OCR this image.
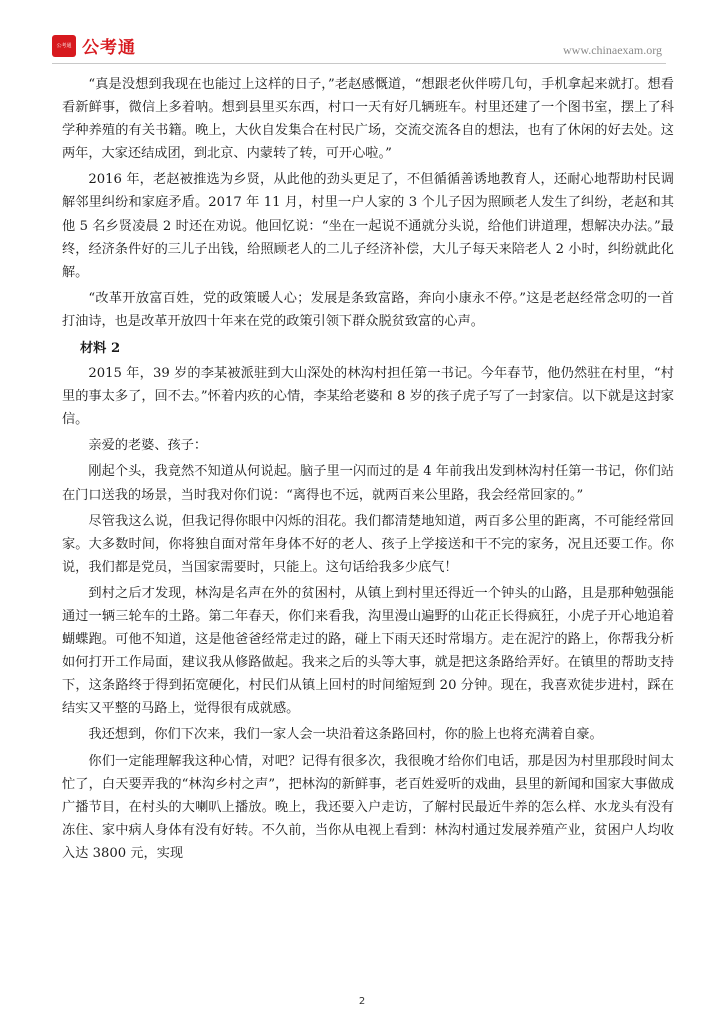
公考通 公考通	www.chinaexam.org

“真是没想到我现在也能过上这样的日子，”老赵感慨道，“想跟老伙伴唠几句，手机拿起来就打。想看看新鲜事，微信上多着呐。想到县里买东西，村口一天有好几辆班车。村里还建了一个图书室，摆上了科学种养殖的有关书籍。晚上，大伙自发集合在村民广场，交流交流各自的想法，也有了休闲的好去处。这两年，大家还结成团，到北京、内蒙转了转，可开心啦。”

2016 年，老赵被推选为乡贤，从此他的劲头更足了，不但循循善诱地教育人，还耐心地帮助村民调解邻里纠纷和家庭矛盾。2017 年 11 月，村里一户人家的 3 个儿子因为照顾老人发生了纠纷，老赵和其他 5 名乡贤凌晨 2 时还在劝说。他回忆说：“坐在一起说不通就分头说，给他们讲道理，想解决办法。”最终，经济条件好的三儿子出钱，给照顾老人的二儿子经济补偿，大儿子每天来陪老人 2 小时，纠纷就此化解。

“改革开放富百姓，党的政策暖人心；发展是条致富路，奔向小康永不停。”这是老赵经常念叨的一首打油诗，也是改革开放四十年来在党的政策引领下群众脱贫致富的心声。

材料 2

2015 年，39 岁的李某被派驻到大山深处的林沟村担任第一书记。今年春节，他仍然驻在村里，“村里的事太多了，回不去。”怀着内疚的心情，李某给老婆和 8 岁的孩子虎子写了一封家信。以下就是这封家信。

亲爱的老婆、孩子：

刚起个头，我竟然不知道从何说起。脑子里一闪而过的是 4 年前我出发到林沟村任第一书记，你们站在门口送我的场景，当时我对你们说：“离得也不远，就两百来公里路，我会经常回家的。”

尽管我这么说，但我记得你眼中闪烁的泪花。我们都清楚地知道，两百多公里的距离，不可能经常回家。大多数时间，你将独自面对常年身体不好的老人、孩子上学接送和干不完的家务，况且还要工作。你说，我们都是党员，当国家需要时，只能上。这句话给我多少底气！

到村之后才发现，林沟是名声在外的贫困村，从镇上到村里还得近一个钟头的山路，且是那种勉强能通过一辆三轮车的土路。第二年春天，你们来看我，沟里漫山遍野的山花正长得疯狂，小虎子开心地追着蝴蝶跑。可他不知道，这是他爸爸经常走过的路，碰上下雨天还时常塌方。走在泥泞的路上，你帮我分析如何打开工作局面，建议我从修路做起。我来之后的头等大事，就是把这条路给弄好。在镇里的帮助支持下，这条路终于得到拓宽硬化，村民们从镇上回村的时间缩短到 20 分钟。现在，我喜欢徒步进村，踩在结实又平整的马路上，觉得很有成就感。

我还想到，你们下次来，我们一家人会一块沿着这条路回村，你的脸上也将充满着自豪。

你们一定能理解我这种心情，对吧？记得有很多次，我很晚才给你们电话，那是因为村里那段时间太忙了，白天要弄我的“林沟乡村之声”，把林沟的新鲜事，老百姓爱听的戏曲，县里的新闻和国家大事做成广播节目，在村头的大喇叭上播放。晚上，我还要入户走访，了解村民最近牛养的怎么样、水龙头有没有冻住、家中病人身体有没有好转。不久前，当你从电视上看到：林沟村通过发展养殖产业，贫困户人均收入达 3800 元，实现

2
